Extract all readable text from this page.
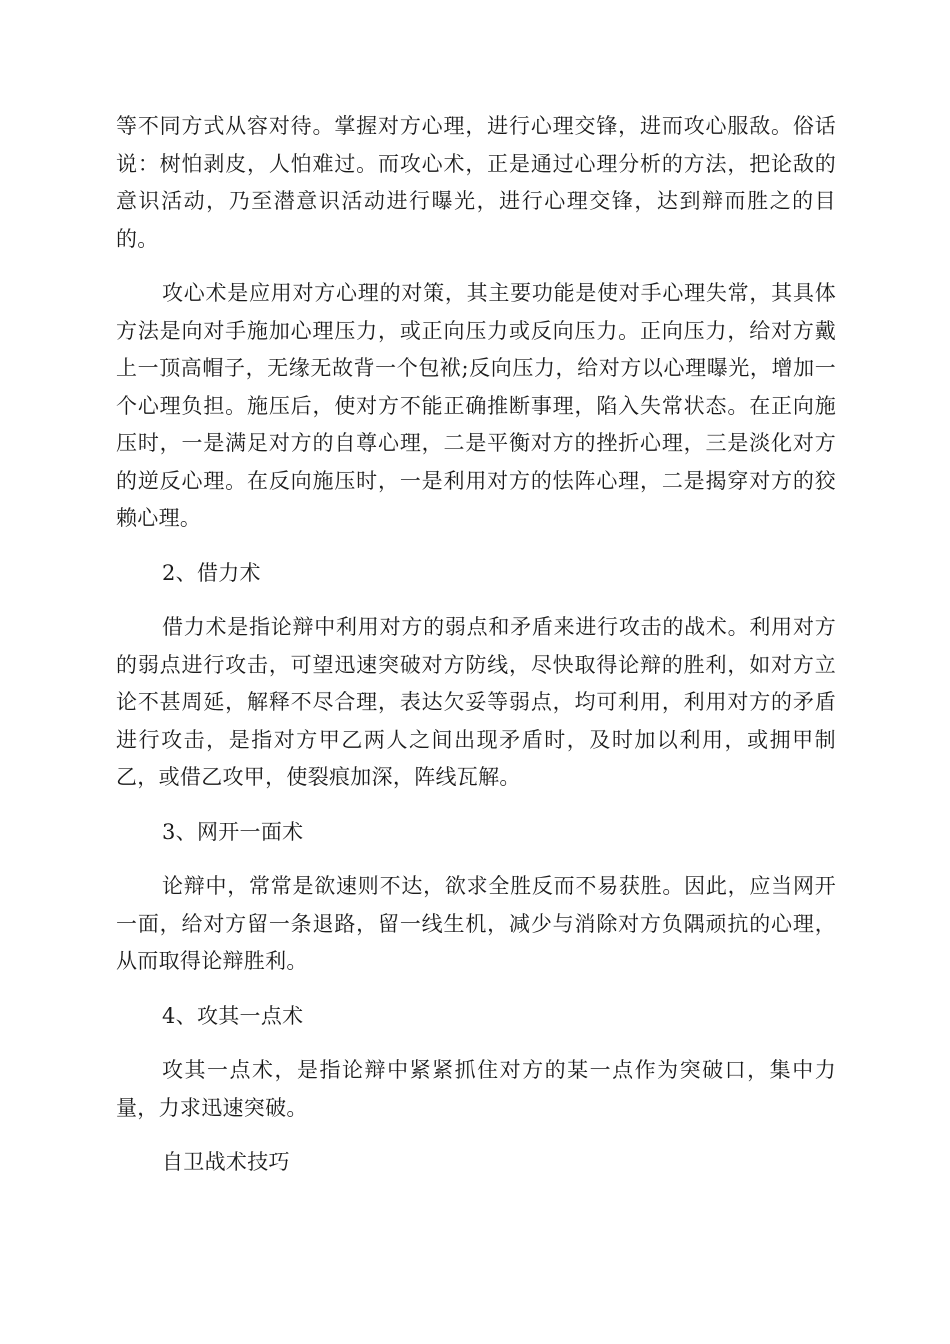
等不同方式从容对待。掌握对方心理，进行心理交锋，进而攻心服敌。俗话说：树怕剥皮，人怕难过。而攻心术，正是通过心理分析的方法，把论敌的意识活动，乃至潜意识活动进行曝光，进行心理交锋，达到辩而胜之的目的。

攻心术是应用对方心理的对策，其主要功能是使对手心理失常，其具体方法是向对手施加心理压力，或正向压力或反向压力。正向压力，给对方戴上一顶高帽子，无缘无故背一个包袱;反向压力，给对方以心理曝光，增加一个心理负担。施压后，使对方不能正确推断事理，陷入失常状态。在正向施压时，一是满足对方的自尊心理，二是平衡对方的挫折心理，三是淡化对方的逆反心理。在反向施压时，一是利用对方的怯阵心理，二是揭穿对方的狡赖心理。

2、借力术

借力术是指论辩中利用对方的弱点和矛盾来进行攻击的战术。利用对方的弱点进行攻击，可望迅速突破对方防线，尽快取得论辩的胜利，如对方立论不甚周延，解释不尽合理，表达欠妥等弱点，均可利用，利用对方的矛盾进行攻击，是指对方甲乙两人之间出现矛盾时，及时加以利用，或拥甲制乙，或借乙攻甲，使裂痕加深，阵线瓦解。

3、网开一面术

论辩中，常常是欲速则不达，欲求全胜反而不易获胜。因此，应当网开一面，给对方留一条退路，留一线生机，减少与消除对方负隅顽抗的心理，从而取得论辩胜利。

4、攻其一点术

攻其一点术，是指论辩中紧紧抓住对方的某一点作为突破口，集中力量，力求迅速突破。

自卫战术技巧
